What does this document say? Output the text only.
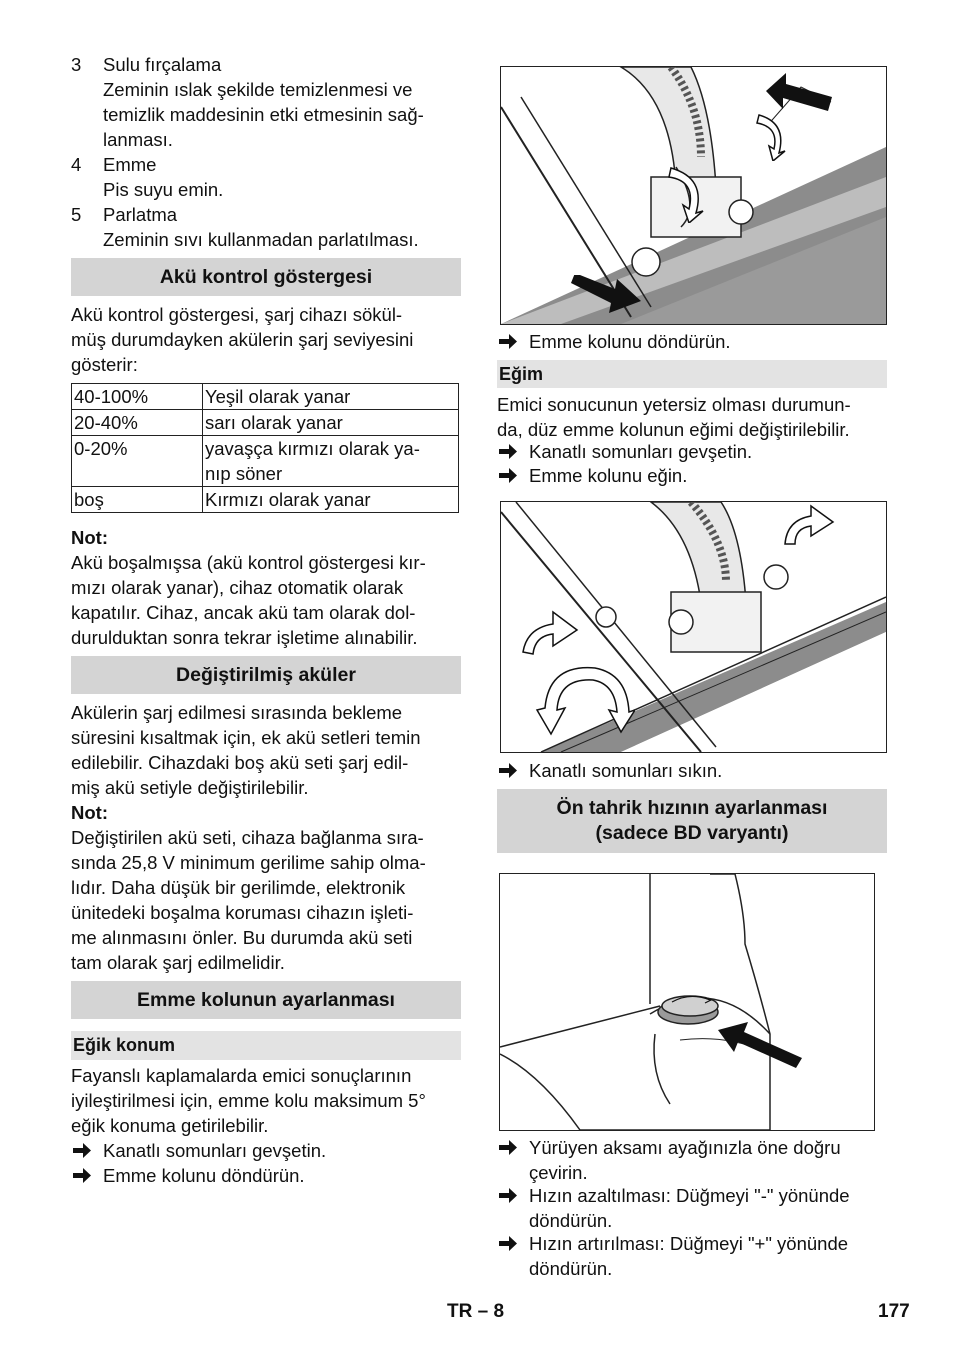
3 Sulu fırçalama
Zeminin ıslak şekilde temizlenmesi ve
temizlik maddesinin etki etmesinin sağ-
lanması.
4 Emme
Pis suyu emin.
5 Parlatma
Zeminin sıvı kullanmadan parlatılması.
Akü kontrol göstergesi
Akü kontrol göstergesi, şarj cihazı sökül-
müş durumdayken akülerin şarj seviyesini
gösterir:
40-100%	Yeşil olarak yanar

20-40%	sarı olarak yanar

0-20%	yavaşça kırmızı olarak ya-
nıp söner

boş	Kırmızı olarak yanar
Not:
Akü boşalmışsa (akü kontrol göstergesi kır-
mızı olarak yanar), cihaz otomatik olarak
kapatılır. Cihaz, ancak akü tam olarak dol-
durulduktan sonra tekrar işletime alınabilir.
Değiştirilmiş aküler
Akülerin şarj edilmesi sırasında bekleme
süresini kısaltmak için, ek akü setleri temin
edilebilir. Cihazdaki boş akü seti şarj edil-
miş akü setiyle değiştirilebilir.
Not:
Değiştirilen akü seti, cihaza bağlanma sıra-
sında 25,8 V minimum gerilime sahip olma-
lıdır. Daha düşük bir gerilimde, elektronik
ünitedeki boşalma koruması cihazın işleti-
me alınmasını önler. Bu durumda akü seti
tam olarak şarj edilmelidir.
Emme kolunun ayarlanması
Eğik konum
Fayanslı kaplamalarda emici sonuçlarının
iyileştirilmesi için, emme kolu maksimum 5°
eğik konuma getirilebilir.
Kanatlı somunları gevşetin.
Emme kolunu döndürün.
Emme kolunu döndürün.
Eğim
Emici sonucunun yetersiz olması durumun-
da, düz emme kolunun eğimi değiştirilebilir.
Kanatlı somunları gevşetin.
Emme kolunu eğin.
Kanatlı somunları sıkın.
Ön tahrik hızının ayarlanması
(sadece BD varyantı)
Yürüyen aksamı ayağınızla öne doğru
çevirin.
Hızın azaltılması: Düğmeyi "-" yönünde
döndürün.
Hızın artırılması: Düğmeyi "+" yönünde
döndürün.
TR – 8	177
